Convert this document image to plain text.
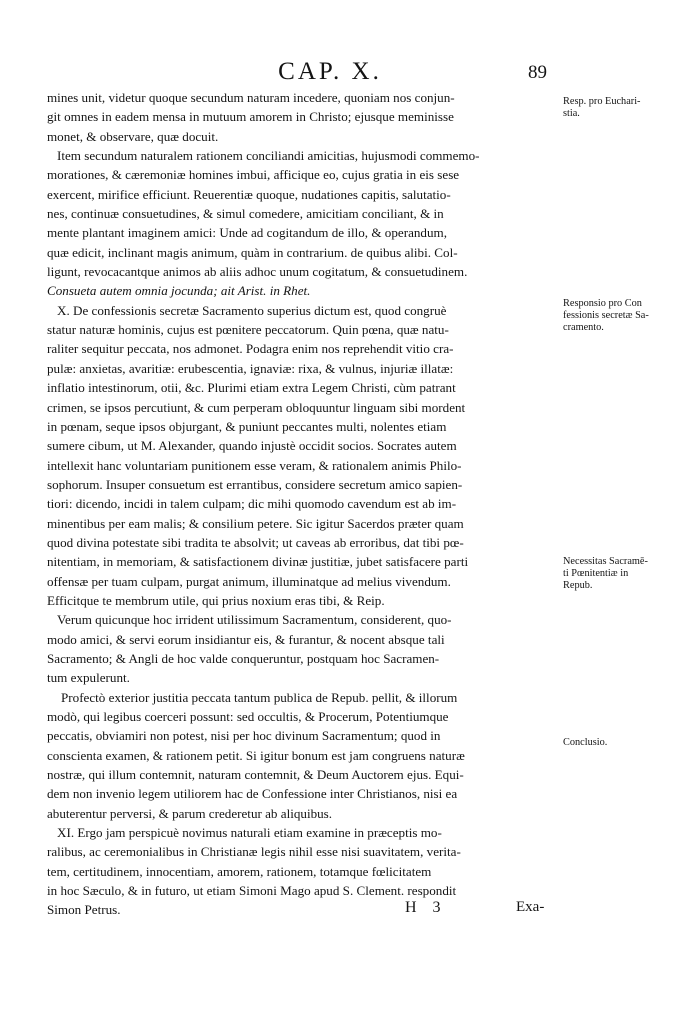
CAP. X.	89
mines unit, videtur quoque secundum naturam incedere, quoniam nos conjun-
git omnes in eadem mensa in mutuum amorem in Christo; ejusque meminisse
monet, & observare, quæ docuit.
Item secundum naturalem rationem conciliandi amicitias, hujusmodi commemo-
morationes, & cæremoniæ homines imbui, afficique eo, cujus gratia in eis sese
exercent, mirifice efficiunt. Reuerentiæ quoque, nudationes capitis, salutatio-
nes, continuæ consuetudines, & simul comedere, amicitiam conciliant, & in
mente plantant imaginem amici: Unde ad cogitandum de illo, & operandum,
quæ edicit, inclinant magis animum, quàm in contrarium. de quibus alibi. Col-
ligunt, revocacantque animos ab aliis adhoc unum cogitatum, & consuetudinem.
Consueta autem omnia jocunda; ait Arist. in Rhet.
X. De confessionis secretæ Sacramento superius dictum est, quod congruè
statur naturæ hominis, cujus est pœnitere peccatorum. Quin pœna, quæ natu-
raliter sequitur peccata, nos admonet. Podagra enim nos reprehendit vitio cra-
pulæ: anxietas, avaritiæ: erubescentia, ignaviæ: rixa, & vulnus, injuriæ illatæ:
inflatio intestinorum, otii, &c. Plurimi etiam extra Legem Christi, cùm patrant
crimen, se ipsos percutiunt, & cum perperam obloquuntur linguam sibi mordent
in pœnam, seque ipsos objurgant, & puniunt peccantes multi, nolentes etiam
sumere cibum, ut M. Alexander, quando injustè occidit socios. Socrates autem
intellexit hanc voluntariam punitionem esse veram, & rationalem animis Philo-
sophorum. Insuper consuetum est errantibus, considere secretum amico sapien-
tiori: dicendo, incidi in talem culpam; dic mihi quomodo cavendum est ab im-
minentibus per eam malis; & consilium petere. Sic igitur Sacerdos præter quam
quod divina potestate sibi tradita te absolvit; ut caveas ab erroribus, dat tibi pœ-
nitentiam, in memoriam, & satisfactionem divinæ justitiæ, jubet satisfacere parti
offensæ per tuam culpam, purgat animum, illuminatque ad melius vivendum.
Efficitque te membrum utile, qui prius noxium eras tibi, & Reip.
Verum quicunque hoc irrident utilissimum Sacramentum, considerent, quo-
modo amici, & servi eorum insidiantur eis, & furantur, & nocent absque tali
Sacramento; & Angli de hoc valde conqueruntur, postquam hoc Sacramen-
tum expulerunt.
Profectò exterior justitia peccata tantum publica de Repub. pellit, & illorum
modò, qui legibus coerceri possunt: sed occultis, & Procerum, Potentiumque
peccatis, obviamiri non potest, nisi per hoc divinum Sacramentum; quod in
conscienta examen, & rationem petit. Si igitur bonum est jam congruens naturæ
nostræ, qui illum contemnit, naturam contemnit, & Deum Auctorem ejus. Equi-
dem non invenio legem utiliorem hac de Confessione inter Christianos, nisi ea
abuterentur perversi, & parum crederetur ab aliquibus.
XI. Ergo jam perspicuè novimus naturali etiam examine in præceptis mo-
ralibus, ac ceremonialibus in Christianæ legis nihil esse nisi suavitatem, verita-
tem, certitudinem, innocentiam, amorem, rationem, totamque fœlicitatem
in hoc Sæculo, & in futuro, ut etiam Simoni Mago apud S. Clement. respondit
Simon Petrus.
Resp. pro Euchari-
stia.
Responsio pro Con
fessionis secretæ Sa-
cramento.
Necessitas Sacramē-
ti Pœnitentiæ in
Repub.
Conclusio.
H 3	Exa-
